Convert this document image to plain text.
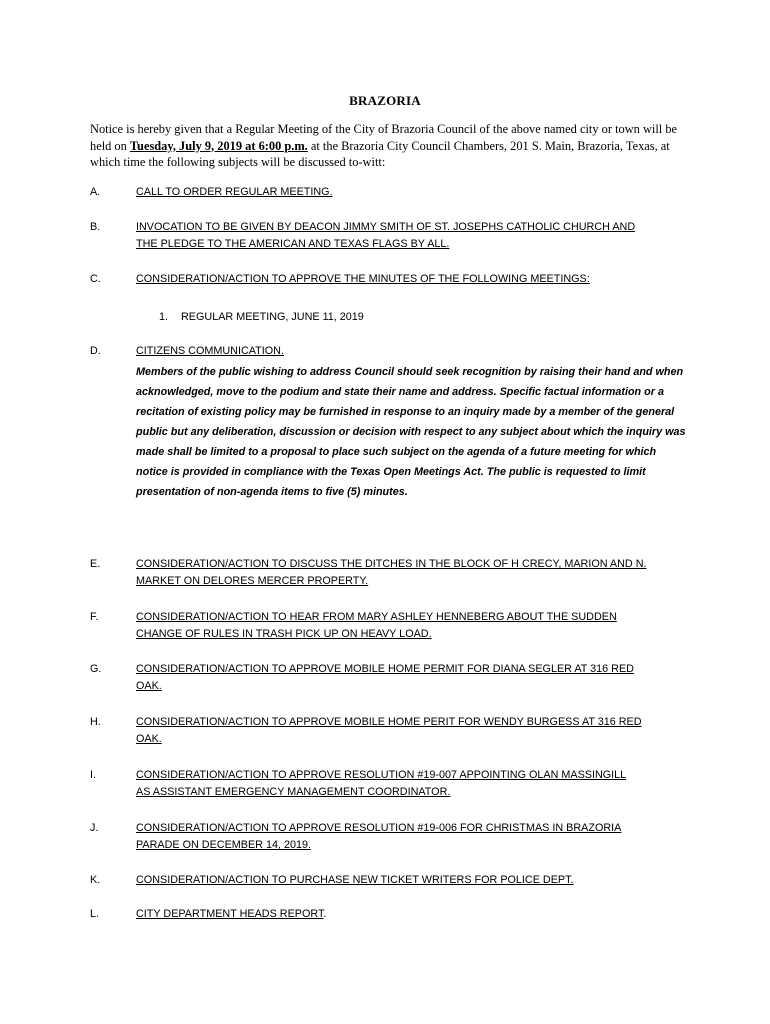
BRAZORIA
Notice is hereby given that a Regular Meeting of the City of Brazoria Council of the above named city or town will be held on Tuesday, July 9, 2019 at 6:00 p.m. at the Brazoria City Council Chambers, 201 S. Main, Brazoria, Texas, at which time the following subjects will be discussed to-witt:
A.	CALL TO ORDER REGULAR MEETING.
B.	INVOCATION TO BE GIVEN BY DEACON JIMMY SMITH OF ST. JOSEPHS CATHOLIC CHURCH AND
THE PLEDGE TO THE AMERICAN AND TEXAS FLAGS BY ALL.
C.	CONSIDERATION/ACTION TO APPROVE THE MINUTES OF THE FOLLOWING MEETINGS:
1. REGULAR MEETING, JUNE 11, 2019
D.	CITIZENS COMMUNICATION.
Members of the public wishing to address Council should seek recognition by raising their hand and when acknowledged, move to the podium and state their name and address. Specific factual information or a recitation of existing policy may be furnished in response to an inquiry made by a member of the general public but any deliberation, discussion or decision with respect to any subject about which the inquiry was made shall be limited to a proposal to place such subject on the agenda of a future meeting for which notice is provided in compliance with the Texas Open Meetings Act. The public is requested to limit presentation of non-agenda items to five (5) minutes.
E.	CONSIDERATION/ACTION TO DISCUSS THE DITCHES IN THE BLOCK OF H CRECY, MARION AND N.
MARKET ON DELORES MERCER PROPERTY.
F.	CONSIDERATION/ACTION TO HEAR FROM MARY ASHLEY HENNEBERG ABOUT THE SUDDEN
CHANGE OF RULES IN TRASH PICK UP ON HEAVY LOAD.
G.	CONSIDERATION/ACTION TO APPROVE MOBILE HOME PERMIT FOR DIANA SEGLER AT 316 RED
OAK.
H.	CONSIDERATION/ACTION TO APPROVE MOBILE HOME PERIT FOR WENDY BURGESS AT 316 RED
OAK.
I.	CONSIDERATION/ACTION TO APPROVE RESOLUTION #19-007 APPOINTING OLAN MASSINGILL
AS ASSISTANT EMERGENCY MANAGEMENT COORDINATOR.
J.	CONSIDERATION/ACTION TO APPROVE RESOLUTION #19-006 FOR CHRISTMAS IN BRAZORIA
PARADE ON DECEMBER 14, 2019.
K.	CONSIDERATION/ACTION TO PURCHASE NEW TICKET WRITERS FOR POLICE DEPT.
L.	CITY DEPARTMENT HEADS REPORT.
